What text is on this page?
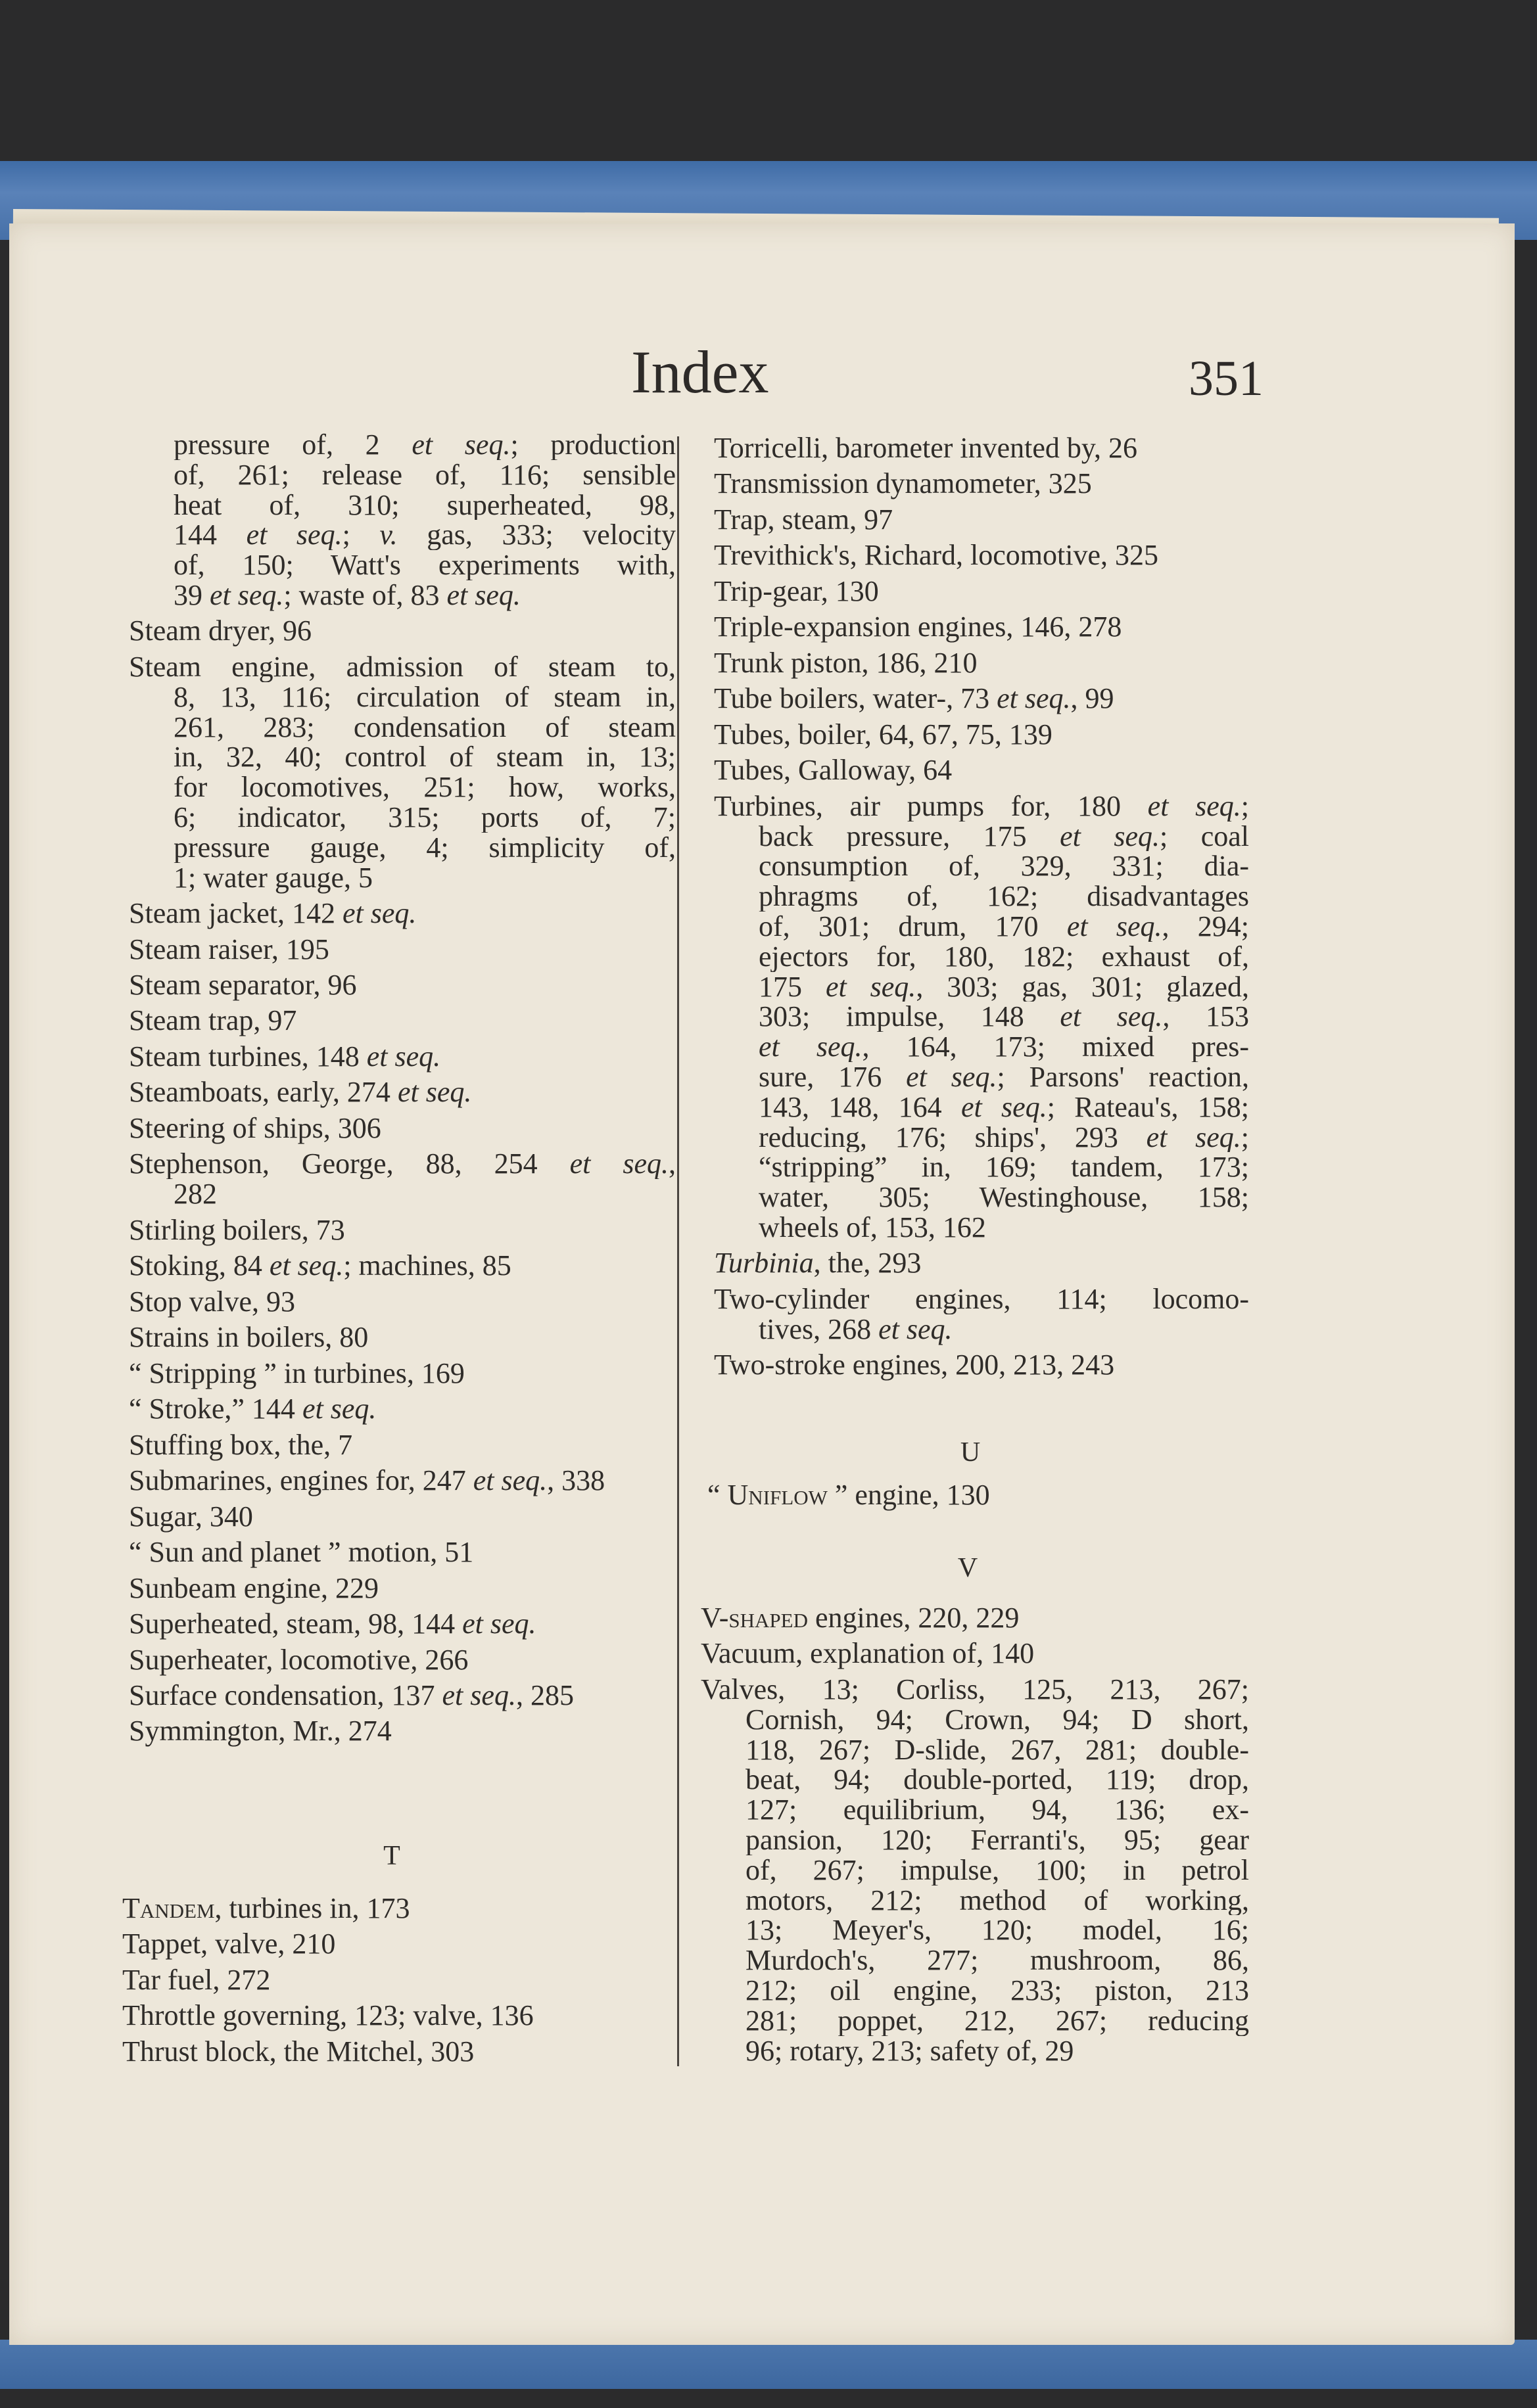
Index	351
pressure of, 2 et seq.; production
of, 261; release of, 116; sensible
heat of, 310; superheated, 98,
144 et seq.; v. gas, 333; velocity
of, 150; Watt's experiments with,
39 et seq.; waste of, 83 et seq.
Steam dryer, 96
Steam engine, admission of steam to,
8, 13, 116; circulation of steam in,
261, 283; condensation of steam
in, 32, 40; control of steam in, 13;
for locomotives, 251; how, works,
6; indicator, 315; ports of, 7;
pressure gauge, 4; simplicity of,
1; water gauge, 5
Steam jacket, 142 et seq.
Steam raiser, 195
Steam separator, 96
Steam trap, 97
Steam turbines, 148 et seq.
Steamboats, early, 274 et seq.
Steering of ships, 306
Stephenson, George, 88, 254 et seq.,
282
Stirling boilers, 73
Stoking, 84 et seq.; machines, 85
Stop valve, 93
Strains in boilers, 80
“ Stripping ” in turbines, 169
“ Stroke,” 144 et seq.
Stuffing box, the, 7
Submarines, engines for, 247 et seq., 338
Sugar, 340
“ Sun and planet ” motion, 51
Sunbeam engine, 229
Superheated, steam, 98, 144 et seq.
Superheater, locomotive, 266
Surface condensation, 137 et seq., 285
Symmington, Mr., 274
T
Tandem, turbines in, 173
Tappet, valve, 210
Tar fuel, 272
Throttle governing, 123; valve, 136
Thrust block, the Mitchel, 303
Torricelli, barometer invented by, 26
Transmission dynamometer, 325
Trap, steam, 97
Trevithick's, Richard, locomotive, 325
Trip-gear, 130
Triple-expansion engines, 146, 278
Trunk piston, 186, 210
Tube boilers, water-, 73 et seq., 99
Tubes, boiler, 64, 67, 75, 139
Tubes, Galloway, 64
Turbines, air pumps for, 180 et seq.;
back pressure, 175 et seq.; coal
consumption of, 329, 331; dia-
phragms of, 162; disadvantages
of, 301; drum, 170 et seq., 294;
ejectors for, 180, 182; exhaust of,
175 et seq., 303; gas, 301; glazed,
303; impulse, 148 et seq., 153
et seq., 164, 173; mixed pres-
sure, 176 et seq.; Parsons' reaction,
143, 148, 164 et seq.; Rateau's, 158;
reducing, 176; ships', 293 et seq.;
“stripping” in, 169; tandem, 173;
water, 305; Westinghouse, 158;
wheels of, 153, 162
Turbinia, the, 293
Two-cylinder engines, 114; locomo-
tives, 268 et seq.
Two-stroke engines, 200, 213, 243
U
“ Uniflow ” engine, 130
V
V-shaped engines, 220, 229
Vacuum, explanation of, 140
Valves, 13; Corliss, 125, 213, 267;
Cornish, 94; Crown, 94; D short,
118, 267; D-slide, 267, 281; double-
beat, 94; double-ported, 119; drop,
127; equilibrium, 94, 136; ex-
pansion, 120; Ferranti's, 95; gear
of, 267; impulse, 100; in petrol
motors, 212; method of working,
13; Meyer's, 120; model, 16;
Murdoch's, 277; mushroom, 86,
212; oil engine, 233; piston, 213
281; poppet, 212, 267; reducing
96; rotary, 213; safety of, 29
